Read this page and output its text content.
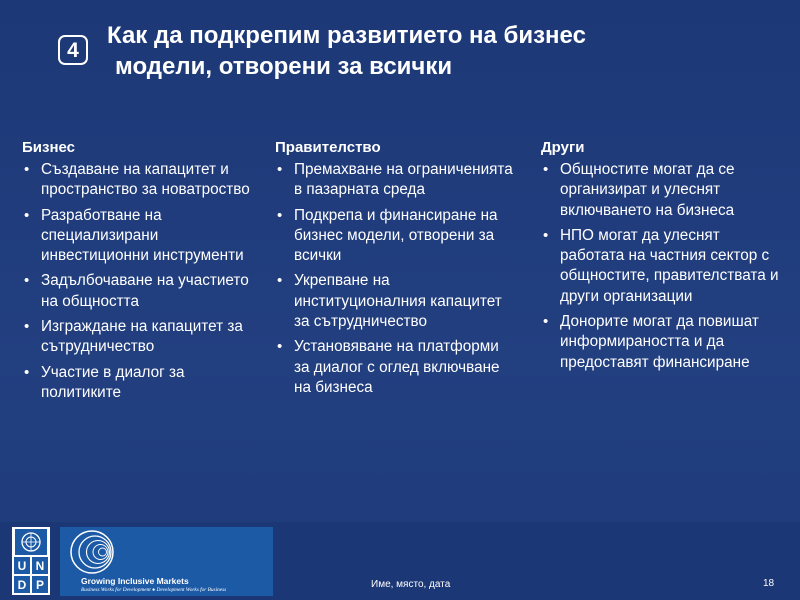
4
Как да подкрепим развитието на бизнес
модели, отворени за всички

Бизнес

• Създаване на капацитет и пространство за новатроство
• Разработване на специализирани инвестиционни инструменти
• Задълбочаване на участието на общността
• Изграждане на капацитет за сътрудничество
• Участие в диалог за политиките

Правителство

• Премахване на ограниченията в пазарната среда
• Подкрепа и финансиране на бизнес модели, отворени за всички
• Укрепване на институционалния капацитет за сътрудничество
• Установяване на платформи за диалог с оглед включване на бизнеса

Други

• Общностите могат да се организират и улеснят включването на бизнеса
• НПО могат да улеснят работата на частния сектор с общностите, правителствата и други организации
• Донорите могат да повишат информираността и да предоставят финансиране
U N
D P	Growing Inclusive Markets
Business Works for Development ● Development Works for Business	Име, място, дата	18
